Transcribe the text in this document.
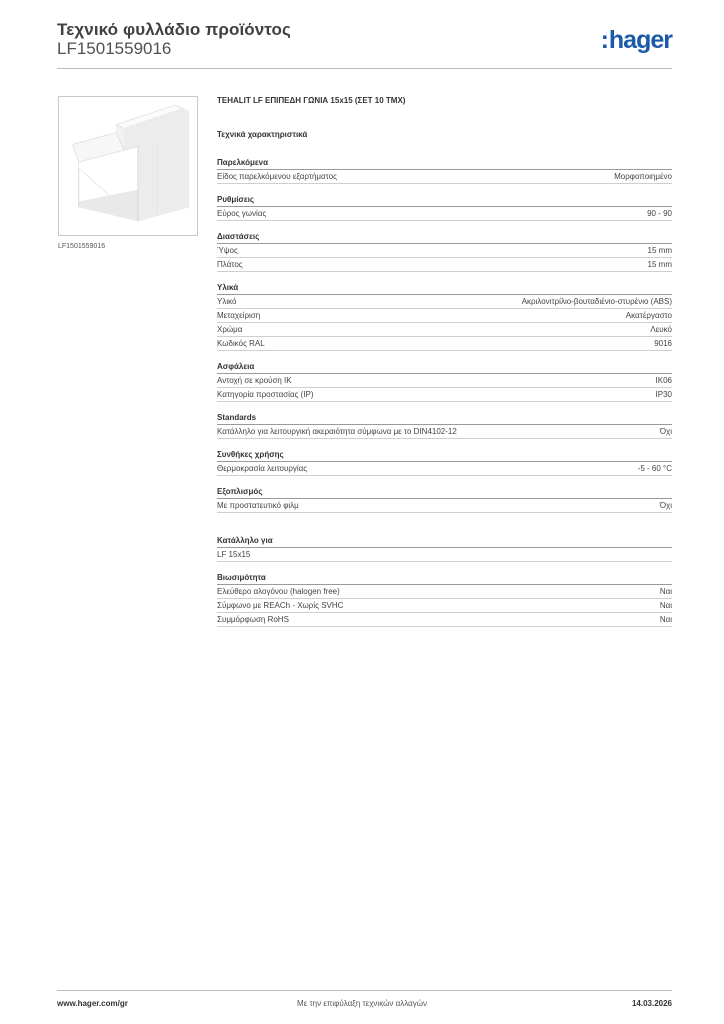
Τεχνικό φυλλάδιο προϊόντος
LF1501559016	:hager
LF1501559016
TEHALIT LF ΕΠΙΠΕΔΗ ΓΩΝΙΑ 15x15 (ΣΕΤ 10 ΤΜΧ)
Τεχνικά χαρακτηριστικά
Παρελκόμενα
Είδος παρελκόμενου εξαρτήματος	Μορφοποιημένο
Ρυθμίσεις
Εύρος γωνίας	90 - 90
Διαστάσεις
Ύψος	15 mm
Πλάτος	15 mm
Υλικά
Υλικό	Ακριλονιτρίλιο-βουταδιένιο-στυρένιο (ABS)
Μεταχείριση	Ακατέργαστο
Χρώμα	Λευκό
Κωδικός RAL	9016
Ασφάλεια
Αντοχή σε κρούση IK	IK06
Κατηγορία προστασίας (IP)	IP30
Standards
Κατάλληλο για λειτουργική ακεραιότητα σύμφωνα με το DIN4102-12	Όχι
Συνθήκες χρήσης
Θερμοκρασία λειτουργίας	-5 - 60 °C
Εξοπλισμός
Με προστατευτικό φιλμ	Όχι
Κατάλληλο για
LF 15x15
Βιωσιμότητα
Ελεύθερο αλογόνου (halogen free)	Ναι
Σύμφωνο με REACh - Χωρίς SVHC	Ναι
Συμμόρφωση RoHS	Ναι
www.hager.com/gr	Με την επιφύλαξη τεχνικών αλλαγών	14.03.2026
